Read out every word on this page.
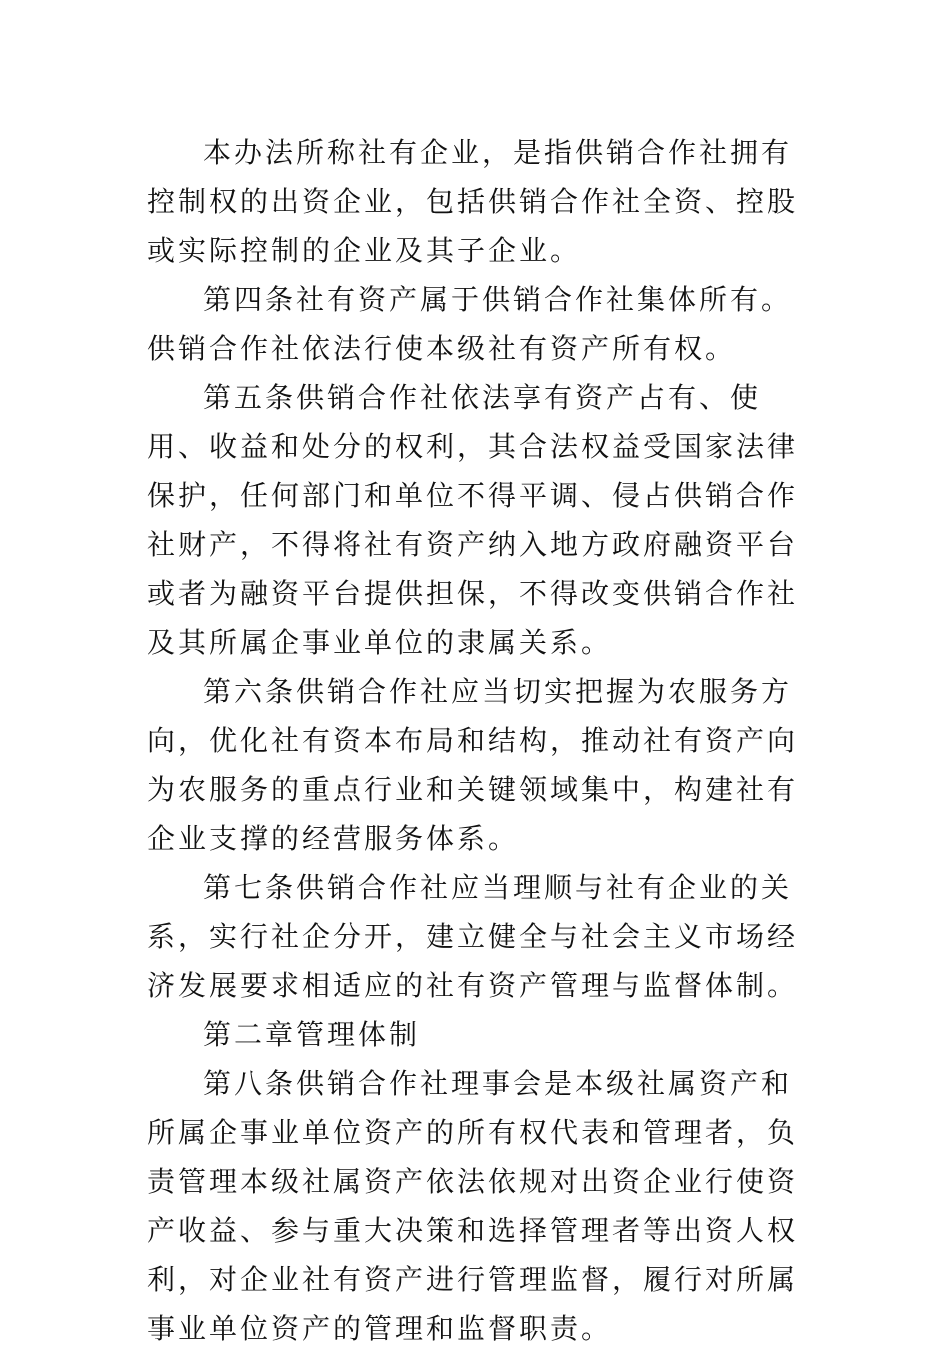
本办法所称社有企业，是指供销合作社拥有控制权的出资企业，包括供销合作社全资、控股或实际控制的企业及其子企业。

第四条社有资产属于供销合作社集体所有。供销合作社依法行使本级社有资产所有权。

第五条供销合作社依法享有资产占有、使用、收益和处分的权利，其合法权益受国家法律保护，任何部门和单位不得平调、侵占供销合作社财产，不得将社有资产纳入地方政府融资平台或者为融资平台提供担保，不得改变供销合作社及其所属企事业单位的隶属关系。

第六条供销合作社应当切实把握为农服务方向，优化社有资本布局和结构，推动社有资产向为农服务的重点行业和关键领域集中，构建社有企业支撑的经营服务体系。

第七条供销合作社应当理顺与社有企业的关系，实行社企分开，建立健全与社会主义市场经济发展要求相适应的社有资产管理与监督体制。

第二章管理体制

第八条供销合作社理事会是本级社属资产和所属企事业单位资产的所有权代表和管理者，负责管理本级社属资产依法依规对出资企业行使资产收益、参与重大决策和选择管理者等出资人权利，对企业社有资产进行管理监督，履行对所属事业单位资产的管理和监督职责。
